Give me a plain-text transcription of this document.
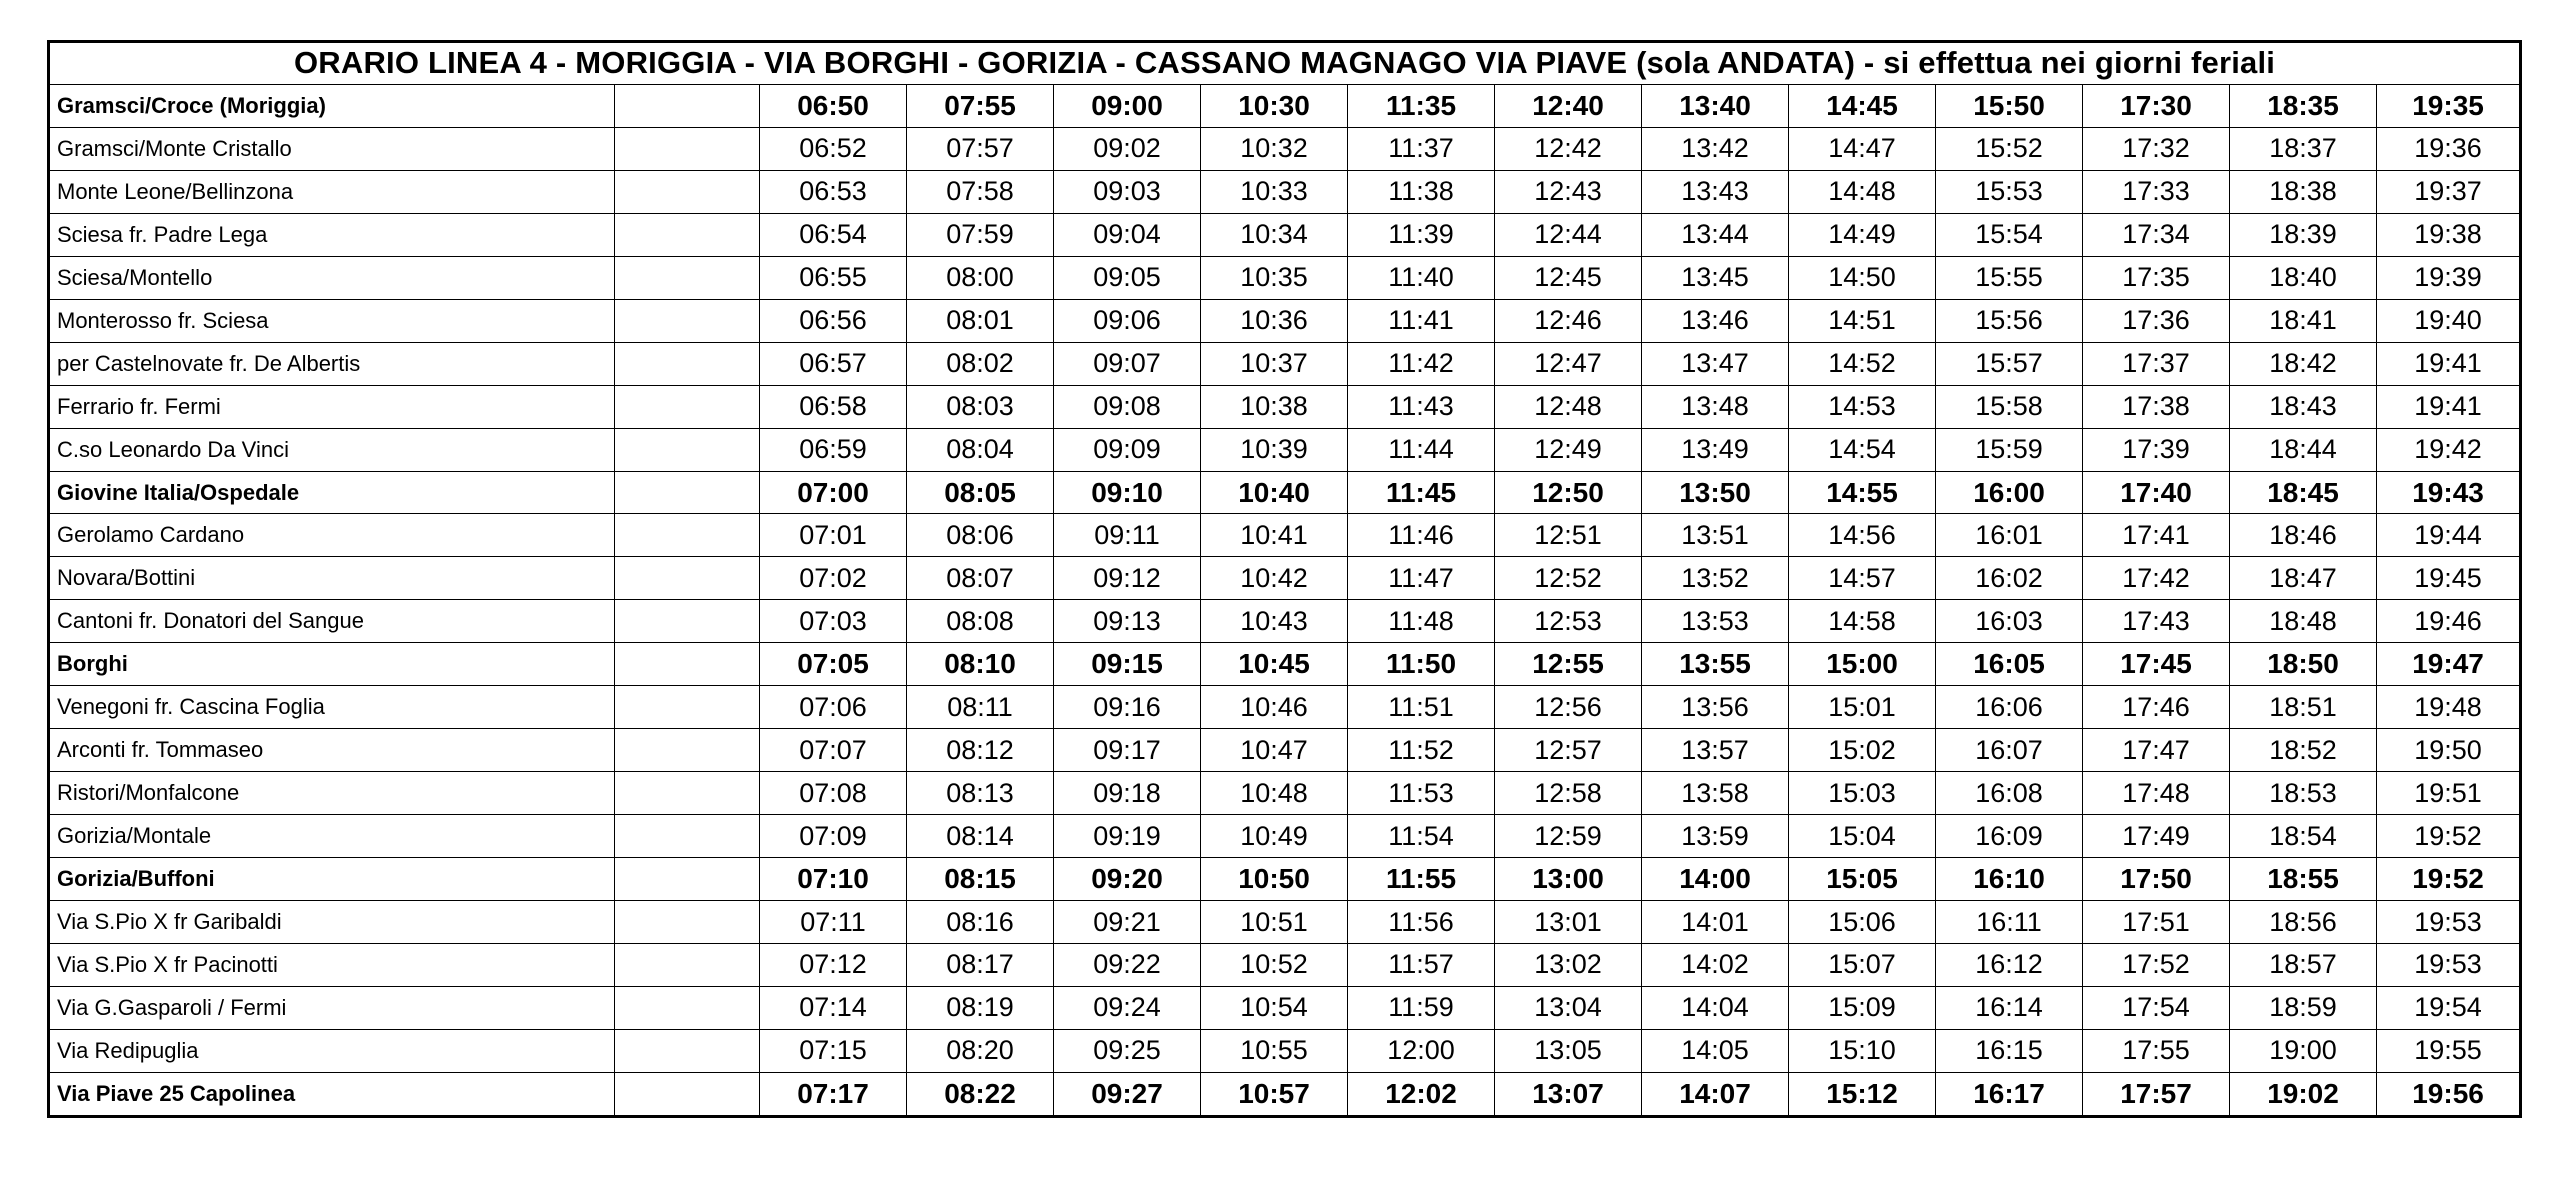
ORARIO LINEA 4 - MORIGGIA - VIA BORGHI - GORIZIA - CASSANO MAGNAGO VIA PIAVE (sola ANDATA) - si effettua nei giorni feriali													
Gramsci/Croce (Moriggia)		06:50	07:55	09:00	10:30	11:35	12:40	13:40	14:45	15:50	17:30	18:35	19:35
Gramsci/Monte Cristallo		06:52	07:57	09:02	10:32	11:37	12:42	13:42	14:47	15:52	17:32	18:37	19:36
Monte Leone/Bellinzona		06:53	07:58	09:03	10:33	11:38	12:43	13:43	14:48	15:53	17:33	18:38	19:37
Sciesa fr. Padre Lega		06:54	07:59	09:04	10:34	11:39	12:44	13:44	14:49	15:54	17:34	18:39	19:38
Sciesa/Montello		06:55	08:00	09:05	10:35	11:40	12:45	13:45	14:50	15:55	17:35	18:40	19:39
Monterosso fr. Sciesa		06:56	08:01	09:06	10:36	11:41	12:46	13:46	14:51	15:56	17:36	18:41	19:40
per Castelnovate fr. De Albertis		06:57	08:02	09:07	10:37	11:42	12:47	13:47	14:52	15:57	17:37	18:42	19:41
Ferrario fr. Fermi		06:58	08:03	09:08	10:38	11:43	12:48	13:48	14:53	15:58	17:38	18:43	19:41
C.so Leonardo Da Vinci		06:59	08:04	09:09	10:39	11:44	12:49	13:49	14:54	15:59	17:39	18:44	19:42
Giovine Italia/Ospedale		07:00	08:05	09:10	10:40	11:45	12:50	13:50	14:55	16:00	17:40	18:45	19:43
Gerolamo Cardano		07:01	08:06	09:11	10:41	11:46	12:51	13:51	14:56	16:01	17:41	18:46	19:44
Novara/Bottini		07:02	08:07	09:12	10:42	11:47	12:52	13:52	14:57	16:02	17:42	18:47	19:45
Cantoni fr. Donatori del Sangue		07:03	08:08	09:13	10:43	11:48	12:53	13:53	14:58	16:03	17:43	18:48	19:46
Borghi		07:05	08:10	09:15	10:45	11:50	12:55	13:55	15:00	16:05	17:45	18:50	19:47
Venegoni fr. Cascina Foglia		07:06	08:11	09:16	10:46	11:51	12:56	13:56	15:01	16:06	17:46	18:51	19:48
Arconti fr. Tommaseo		07:07	08:12	09:17	10:47	11:52	12:57	13:57	15:02	16:07	17:47	18:52	19:50
Ristori/Monfalcone		07:08	08:13	09:18	10:48	11:53	12:58	13:58	15:03	16:08	17:48	18:53	19:51
Gorizia/Montale		07:09	08:14	09:19	10:49	11:54	12:59	13:59	15:04	16:09	17:49	18:54	19:52
Gorizia/Buffoni		07:10	08:15	09:20	10:50	11:55	13:00	14:00	15:05	16:10	17:50	18:55	19:52
Via S.Pio X fr Garibaldi		07:11	08:16	09:21	10:51	11:56	13:01	14:01	15:06	16:11	17:51	18:56	19:53
Via S.Pio X fr Pacinotti		07:12	08:17	09:22	10:52	11:57	13:02	14:02	15:07	16:12	17:52	18:57	19:53
Via G.Gasparoli / Fermi		07:14	08:19	09:24	10:54	11:59	13:04	14:04	15:09	16:14	17:54	18:59	19:54
Via Redipuglia		07:15	08:20	09:25	10:55	12:00	13:05	14:05	15:10	16:15	17:55	19:00	19:55
Via Piave 25 Capolinea		07:17	08:22	09:27	10:57	12:02	13:07	14:07	15:12	16:17	17:57	19:02	19:56
